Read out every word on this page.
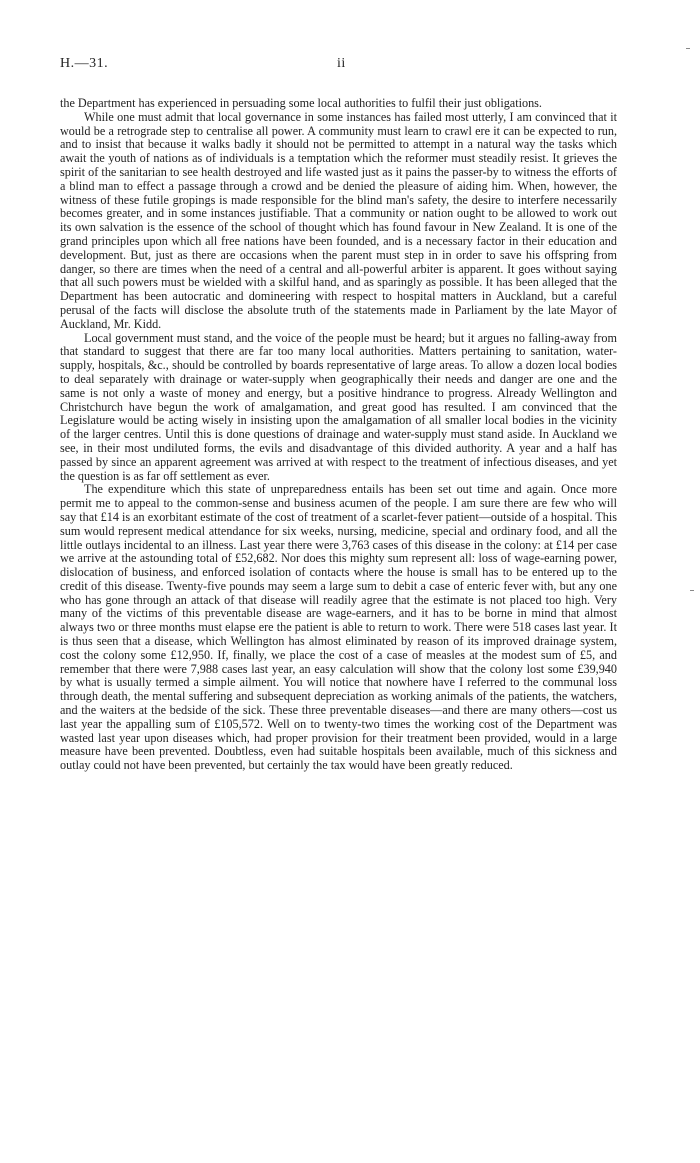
H.—31.	ii

the Department has experienced in persuading some local authorities to fulfil their just obligations.

While one must admit that local governance in some instances has failed most utterly, I am convinced that it would be a retrograde step to centralise all power. A community must learn to crawl ere it can be expected to run, and to insist that because it walks badly it should not be permitted to attempt in a natural way the tasks which await the youth of nations as of individuals is a temptation which the reformer must steadily resist. It grieves the spirit of the sanitarian to see health destroyed and life wasted just as it pains the passer-by to witness the efforts of a blind man to effect a passage through a crowd and be denied the pleasure of aiding him. When, however, the witness of these futile gropings is made responsible for the blind man's safety, the desire to interfere necessarily becomes greater, and in some instances justifiable. That a community or nation ought to be allowed to work out its own salvation is the essence of the school of thought which has found favour in New Zealand. It is one of the grand principles upon which all free nations have been founded, and is a necessary factor in their education and development. But, just as there are occasions when the parent must step in in order to save his offspring from danger, so there are times when the need of a central and all-powerful arbiter is apparent. It goes without saying that all such powers must be wielded with a skilful hand, and as sparingly as possible. It has been alleged that the Department has been autocratic and domineering with respect to hospital matters in Auckland, but a careful perusal of the facts will disclose the absolute truth of the statements made in Parliament by the late Mayor of Auckland, Mr. Kidd.

Local government must stand, and the voice of the people must be heard; but it argues no falling-away from that standard to suggest that there are far too many local authorities. Matters pertaining to sanitation, water-supply, hospitals, &c., should be controlled by boards representative of large areas. To allow a dozen local bodies to deal separately with drainage or water-supply when geographically their needs and danger are one and the same is not only a waste of money and energy, but a positive hindrance to progress. Already Wellington and Christchurch have begun the work of amalgamation, and great good has resulted. I am convinced that the Legislature would be acting wisely in insisting upon the amalgamation of all smaller local bodies in the vicinity of the larger centres. Until this is done questions of drainage and water-supply must stand aside. In Auckland we see, in their most undiluted forms, the evils and disadvantage of this divided authority. A year and a half has passed by since an apparent agreement was arrived at with respect to the treatment of infectious diseases, and yet the question is as far off settlement as ever.

The expenditure which this state of unpreparedness entails has been set out time and again. Once more permit me to appeal to the common-sense and business acumen of the people. I am sure there are few who will say that £14 is an exorbitant estimate of the cost of treatment of a scarlet-fever patient—outside of a hospital. This sum would represent medical attendance for six weeks, nursing, medicine, special and ordinary food, and all the little outlays incidental to an illness. Last year there were 3,763 cases of this disease in the colony: at £14 per case we arrive at the astounding total of £52,682. Nor does this mighty sum represent all: loss of wage-earning power, dislocation of business, and enforced isolation of contacts where the house is small has to be entered up to the credit of this disease. Twenty-five pounds may seem a large sum to debit a case of enteric fever with, but any one who has gone through an attack of that disease will readily agree that the estimate is not placed too high. Very many of the victims of this preventable disease are wage-earners, and it has to be borne in mind that almost always two or three months must elapse ere the patient is able to return to work. There were 518 cases last year. It is thus seen that a disease, which Wellington has almost eliminated by reason of its improved drainage system, cost the colony some £12,950. If, finally, we place the cost of a case of measles at the modest sum of £5, and remember that there were 7,988 cases last year, an easy calculation will show that the colony lost some £39,940 by what is usually termed a simple ailment. You will notice that nowhere have I referred to the communal loss through death, the mental suffering and subsequent depreciation as working animals of the patients, the watchers, and the waiters at the bedside of the sick. These three preventable diseases—and there are many others—cost us last year the appalling sum of £105,572. Well on to twenty-two times the working cost of the Department was wasted last year upon diseases which, had proper provision for their treatment been provided, would in a large measure have been prevented. Doubtless, even had suitable hospitals been available, much of this sickness and outlay could not have been prevented, but certainly the tax would have been greatly reduced.
